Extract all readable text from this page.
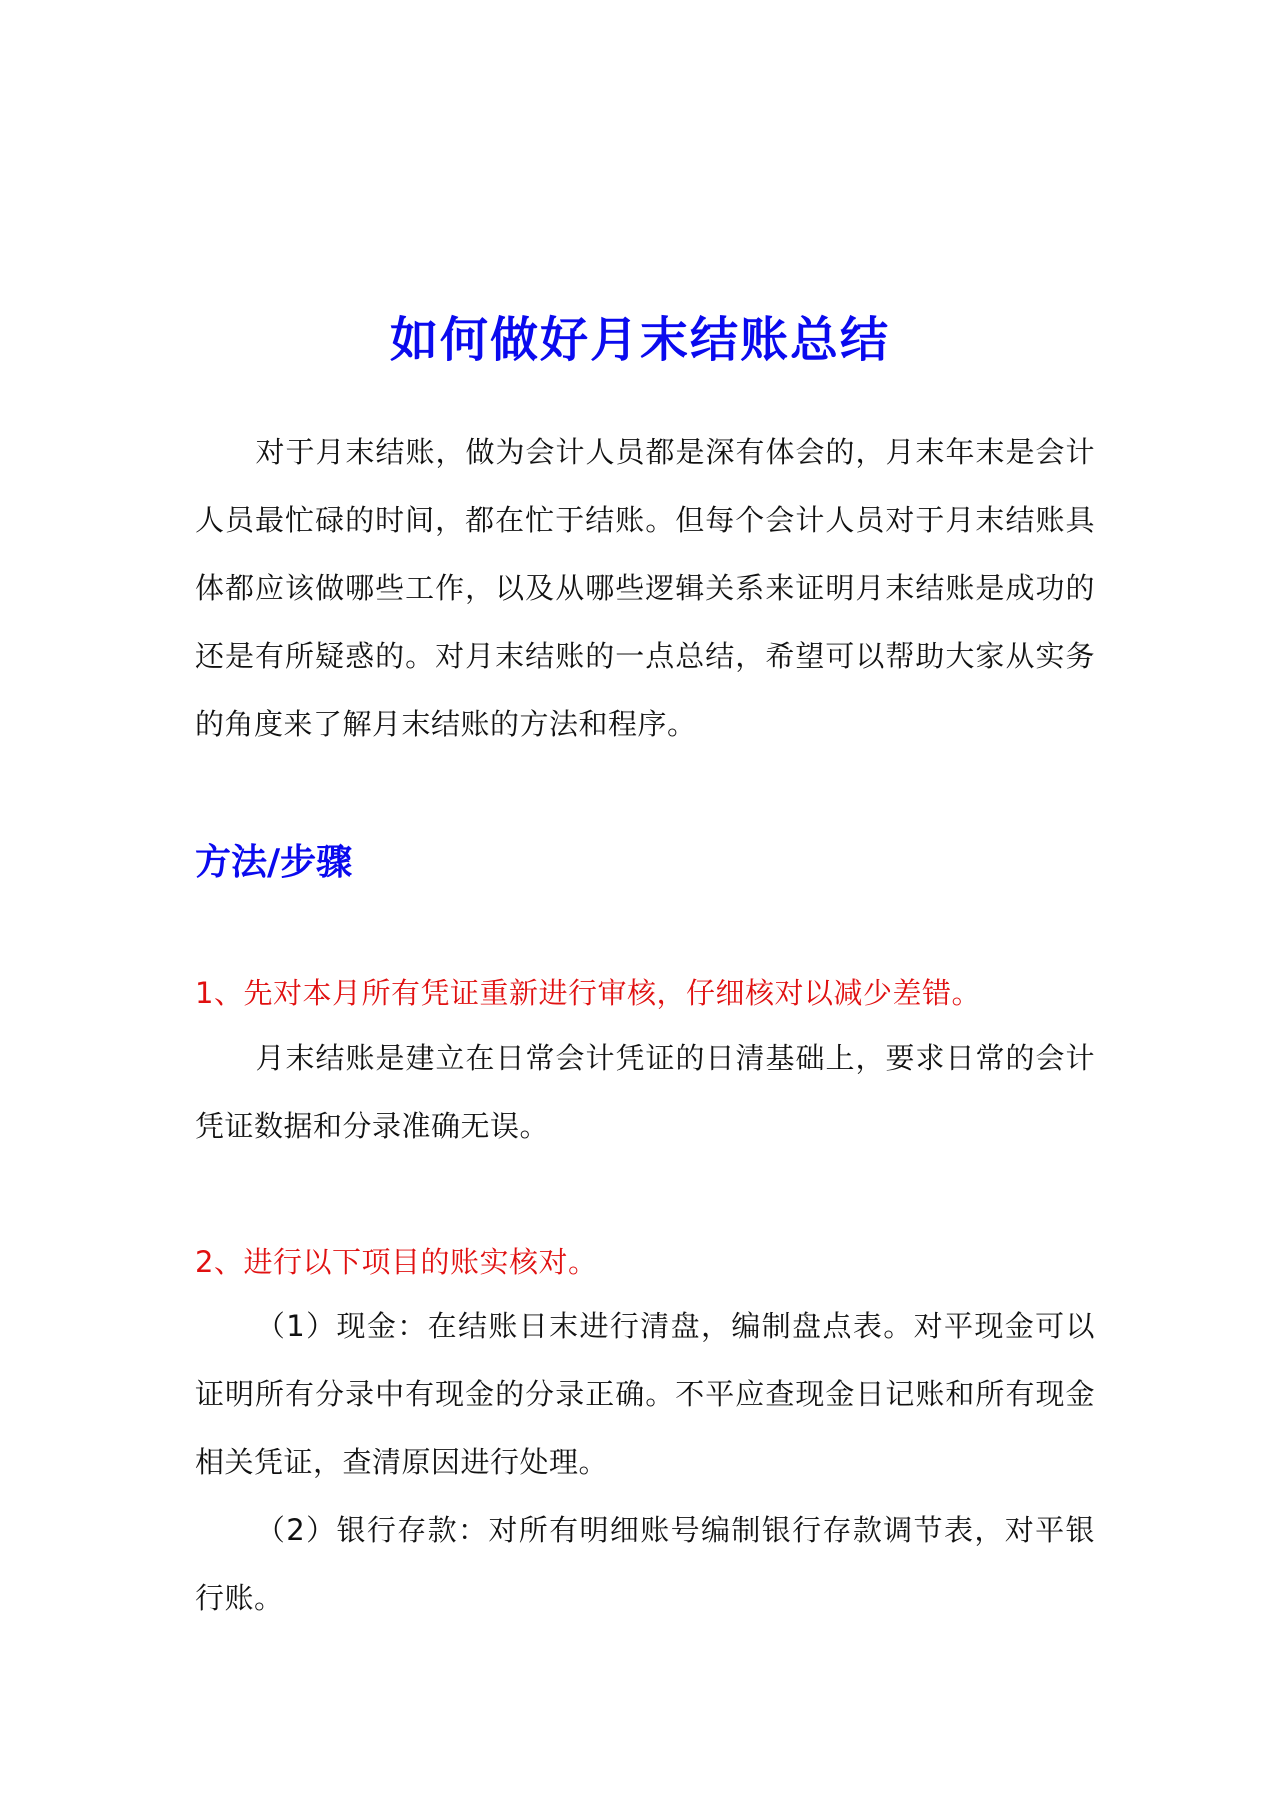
如何做好月末结账总结
对于月末结账，做为会计人员都是深有体会的，月末年末是会计人员最忙碌的时间，都在忙于结账。但每个会计人员对于月末结账具体都应该做哪些工作，以及从哪些逻辑关系来证明月末结账是成功的还是有所疑惑的。对月末结账的一点总结，希望可以帮助大家从实务的角度来了解月末结账的方法和程序。
方法/步骤
1、先对本月所有凭证重新进行审核，仔细核对以减少差错。
月末结账是建立在日常会计凭证的日清基础上，要求日常的会计凭证数据和分录准确无误。
2、进行以下项目的账实核对。
（1）现金：在结账日末进行清盘，编制盘点表。对平现金可以证明所有分录中有现金的分录正确。不平应查现金日记账和所有现金相关凭证，查清原因进行处理。
（2）银行存款：对所有明细账号编制银行存款调节表，对平银行账。
